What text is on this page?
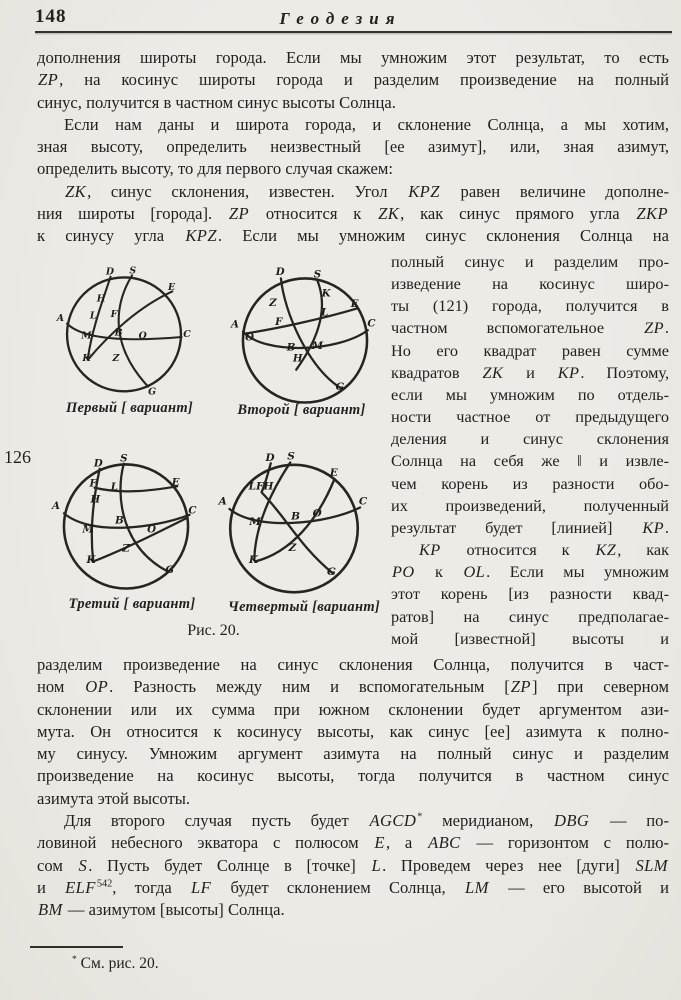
148	Геодезия
дополнения широты города. Если мы умножим этот результат, то есть
ZP, на косинус широты города и разделим произведение на полный
синус, получится в частном синус высоты Солнца.
Если нам даны и широта города, и склонение Солнца, а мы хотим,
зная высоту, определить неизвестный [ее азимут], или, зная азимут,
определить высоту, то для первого случая скажем:
ZK, синус склонения, известен. Угол KPZ равен величине дополне-
ния широты [города]. ZP относится к ZK, как синус прямого угла ZKP
к синусу угла KPZ. Если мы умножим синус склонения Солнца на
126
D S
E
A
H
L F
M B O	C
K Z
G
D S
K
Z	E
L
F
A	C
O
B M
H
G
D S
F L	E
H
A	C
B
M	O
Z
K
G
D S
E
LFH
A
M B O
C
Z
K
G
Первый [ вариант]	Второй [ вариант]
Третий [ вариант]	Четвертый [вариант]
Рис. 20.
полный синус и разделим про-
изведение на косинус широ-
ты (121) города, получится в
частном вспомогательное ZP.
Но его квадрат равен сумме
квадратов ZK и KP. Поэтому,
если мы умножим по отдель-
ности частное от предыдущего
деления и синус склонения
Солнца на себя же ‖ и извле-
чем корень из разности обо-
их произведений, полученный
результат будет [линией] KP.
KP относится к KZ, как
PO к OL. Если мы умножим
этот корень [из разности квад-
ратов] на синус предполагае-
мой [известной] высоты и
разделим произведение на синус склонения Солнца, получится в част-
ном OP. Разность между ним и вспомогательным [ZP] при северном
склонении или их сумма при южном склонении будет аргументом ази-
мута. Он относится к косинусу высоты, как синус [ее] азимута к полно-
му синусу. Умножим аргумент азимута на полный синус и разделим
произведение на косинус высоты, тогда получится в частном синус
азимута этой высоты.
Для второго случая пусть будет AGCD* меридианом, DBG — по-
ловиной небесного экватора с полюсом E, а ABC — горизонтом с полю-
сом S. Пусть будет Солнце в [точке] L. Проведем через нее [дуги] SLM
и ELF$^{542}$, тогда LF будет склонением Солнца, LM — его высотой и
BM — азимутом [высоты] Солнца.
* См. рис. 20.
